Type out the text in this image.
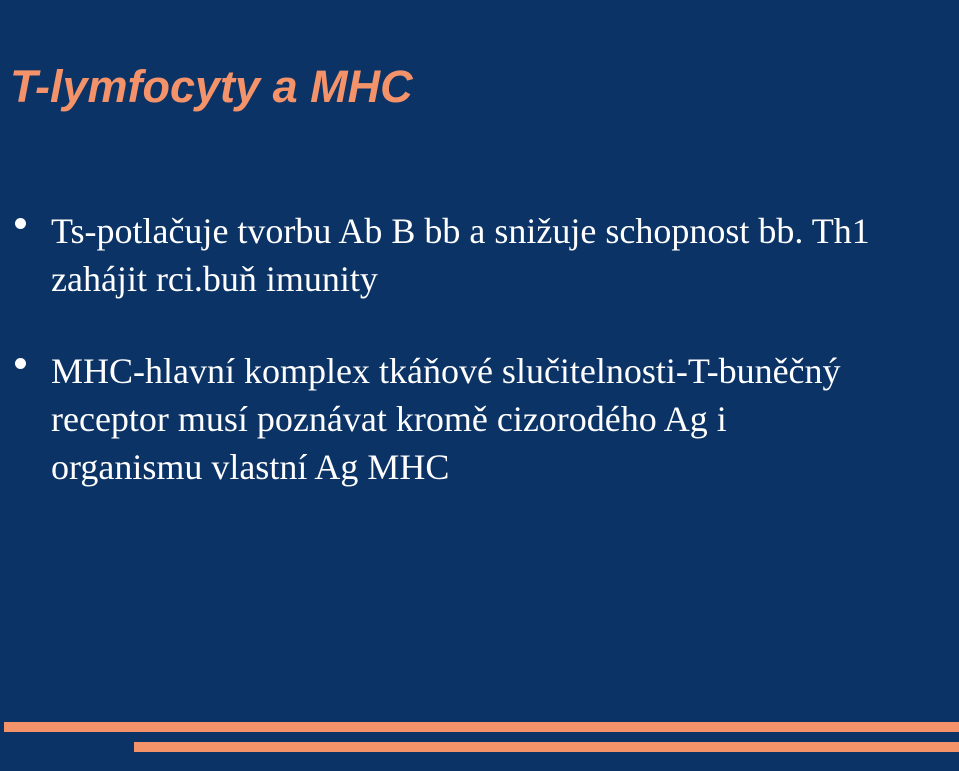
T-lymfocyty a MHC
Ts-potlačuje tvorbu Ab B bb a snižuje schopnost bb. Th1 zahájit rci.buň imunity
MHC-hlavní komplex tkáňové slučitelnosti-T-buněčný receptor musí poznávat kromě cizorodého Ag i organismu vlastní Ag MHC
